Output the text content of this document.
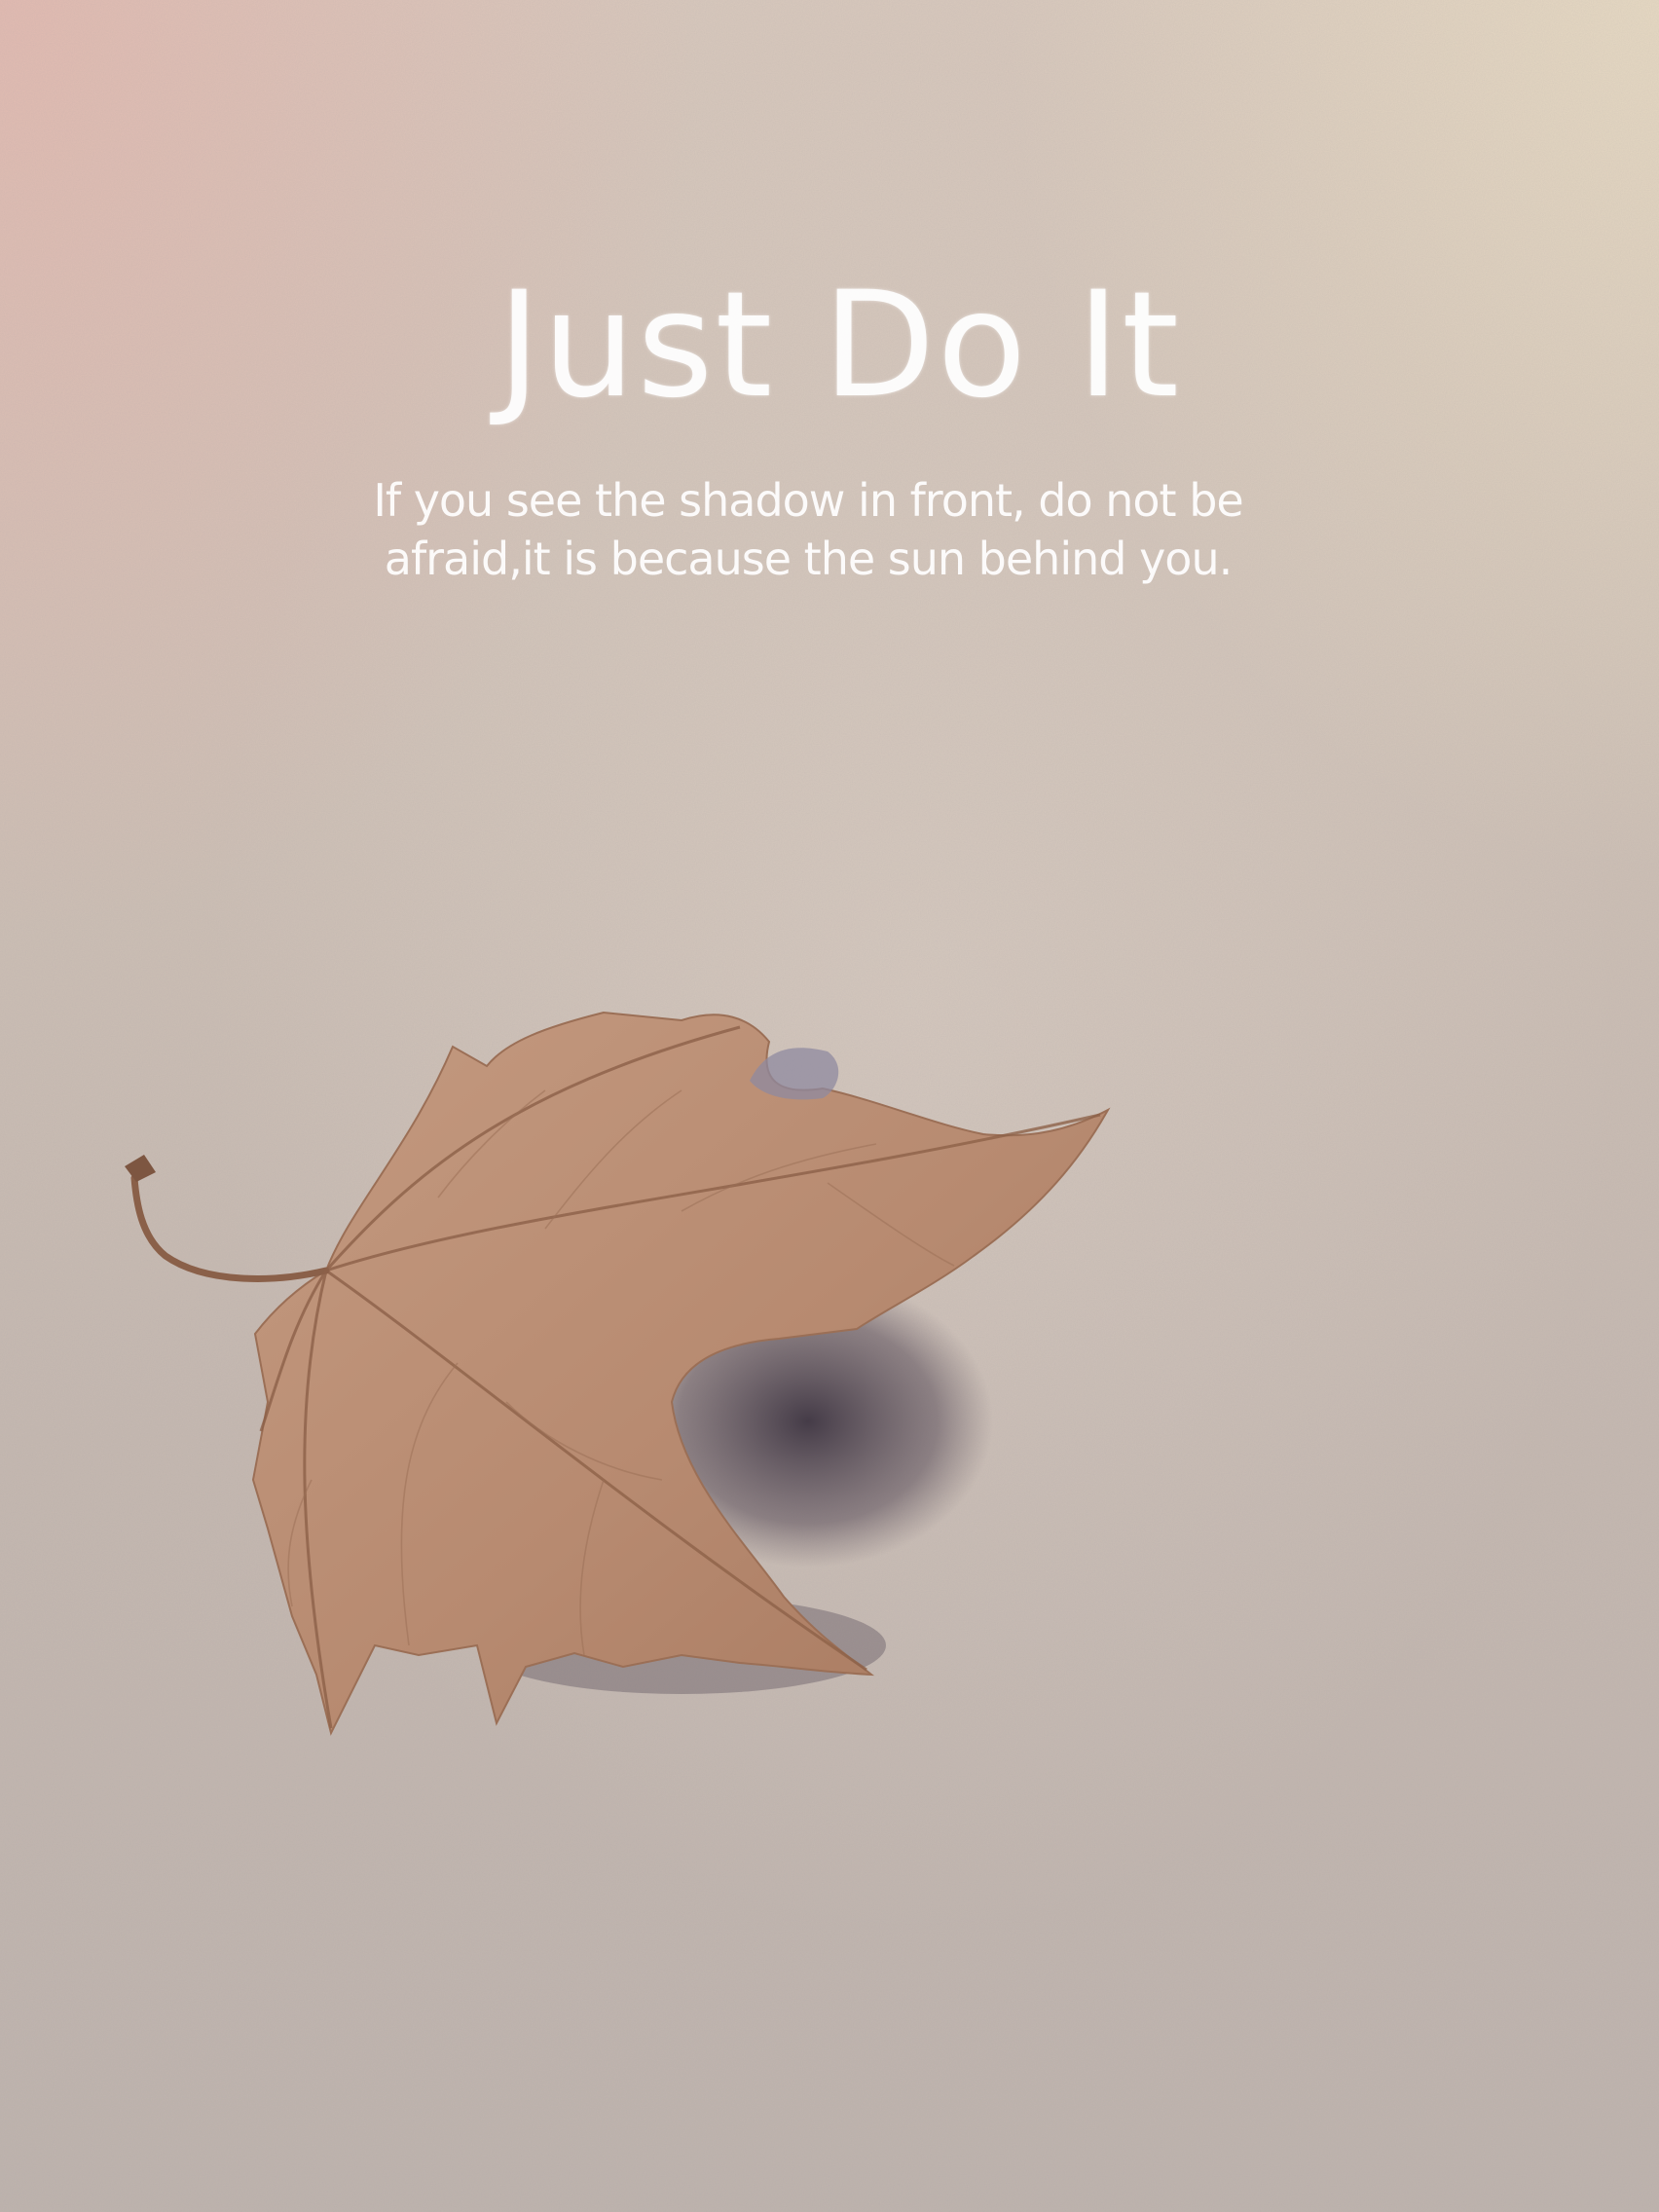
Just Do It
If you see the shadow in front, do not be afraid,it is because the sun behind you.
